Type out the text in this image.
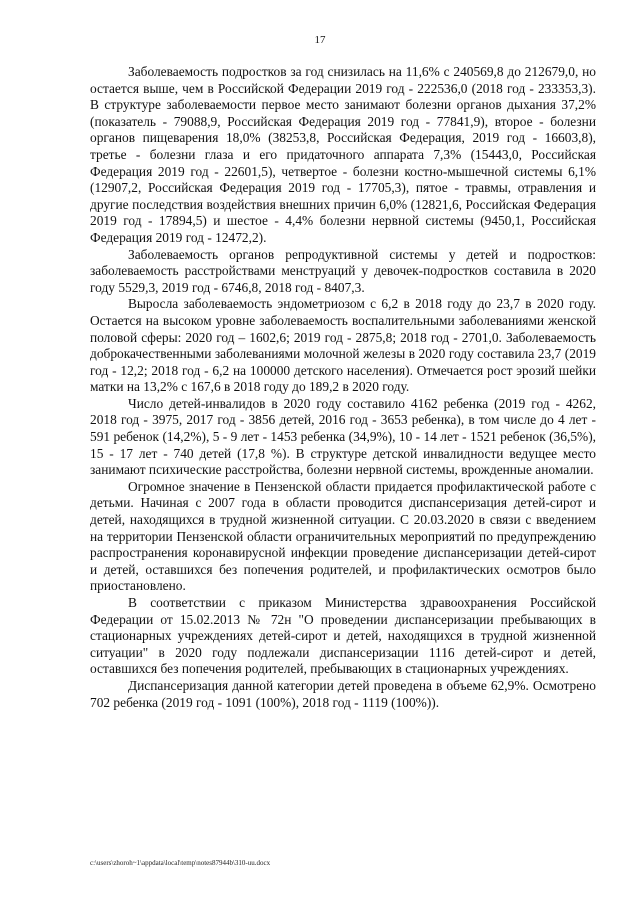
17

Заболеваемость подростков за год снизилась на 11,6% с 240569,8 до 212679,0, но остается выше, чем в Российской Федерации 2019 год - 222536,0 (2018 год - 233353,3). В структуре заболеваемости первое место занимают болезни органов дыхания 37,2% (показатель - 79088,9, Российская Федерация 2019 год - 77841,9), второе - болезни органов пищеварения 18,0% (38253,8, Российская Федерация, 2019 год - 16603,8), третье - болезни глаза и его придаточного аппарата 7,3% (15443,0, Российская Федерация 2019 год - 22601,5), четвертое - болезни костно-мышечной системы 6,1% (12907,2, Российская Федерация 2019 год - 17705,3), пятое - травмы, отравления и другие последствия воздействия внешних причин 6,0% (12821,6, Российская Федерация 2019 год - 17894,5) и шестое - 4,4% болезни нервной системы (9450,1, Российская Федерация 2019 год - 12472,2).

Заболеваемость органов репродуктивной системы у детей и подростков: заболеваемость расстройствами менструаций у девочек-подростков составила в 2020 году 5529,3, 2019 год - 6746,8, 2018 год - 8407,3.

Выросла заболеваемость эндометриозом с 6,2 в 2018 году до 23,7 в 2020 году. Остается на высоком уровне заболеваемость воспалительными заболеваниями женской половой сферы: 2020 год – 1602,6; 2019 год - 2875,8; 2018 год - 2701,0. Заболеваемость доброкачественными заболеваниями молочной железы в 2020 году составила 23,7 (2019 год - 12,2; 2018 год - 6,2 на 100000 детского населения). Отмечается рост эрозий шейки матки на 13,2% с 167,6 в 2018 году до 189,2 в 2020 году.

Число детей-инвалидов в 2020 году составило 4162 ребенка (2019 год - 4262, 2018 год - 3975, 2017 год - 3856 детей, 2016 год - 3653 ребенка), в том числе до 4 лет - 591 ребенок (14,2%), 5 - 9 лет - 1453 ребенка (34,9%), 10 - 14 лет - 1521 ребенок (36,5%), 15 - 17 лет - 740 детей (17,8 %). В структуре детской инвалидности ведущее место занимают психические расстройства, болезни нервной системы, врожденные аномалии.

Огромное значение в Пензенской области придается профилактической работе с детьми. Начиная с 2007 года в области проводится диспансеризация детей-сирот и детей, находящихся в трудной жизненной ситуации. С 20.03.2020 в связи с введением на территории Пензенской области ограничительных мероприятий по предупреждению распространения коронавирусной инфекции проведение диспансеризации детей-сирот и детей, оставшихся без попечения родителей, и профилактических осмотров было приостановлено.

В соответствии с приказом Министерства здравоохранения Российской Федерации от 15.02.2013 № 72н "О проведении диспансеризации пребывающих в стационарных учреждениях детей-сирот и детей, находящихся в трудной жизненной ситуации" в 2020 году подлежали диспансеризации 1116 детей-сирот и детей, оставшихся без попечения родителей, пребывающих в стационарных учреждениях.

Диспансеризация данной категории детей проведена в объеме 62,9%. Осмотрено 702 ребенка (2019 год - 1091 (100%), 2018 год - 1119 (100%)).

c:\users\zhoroh~1\appdata\local\temp\notes87944b\310-uu.docx
